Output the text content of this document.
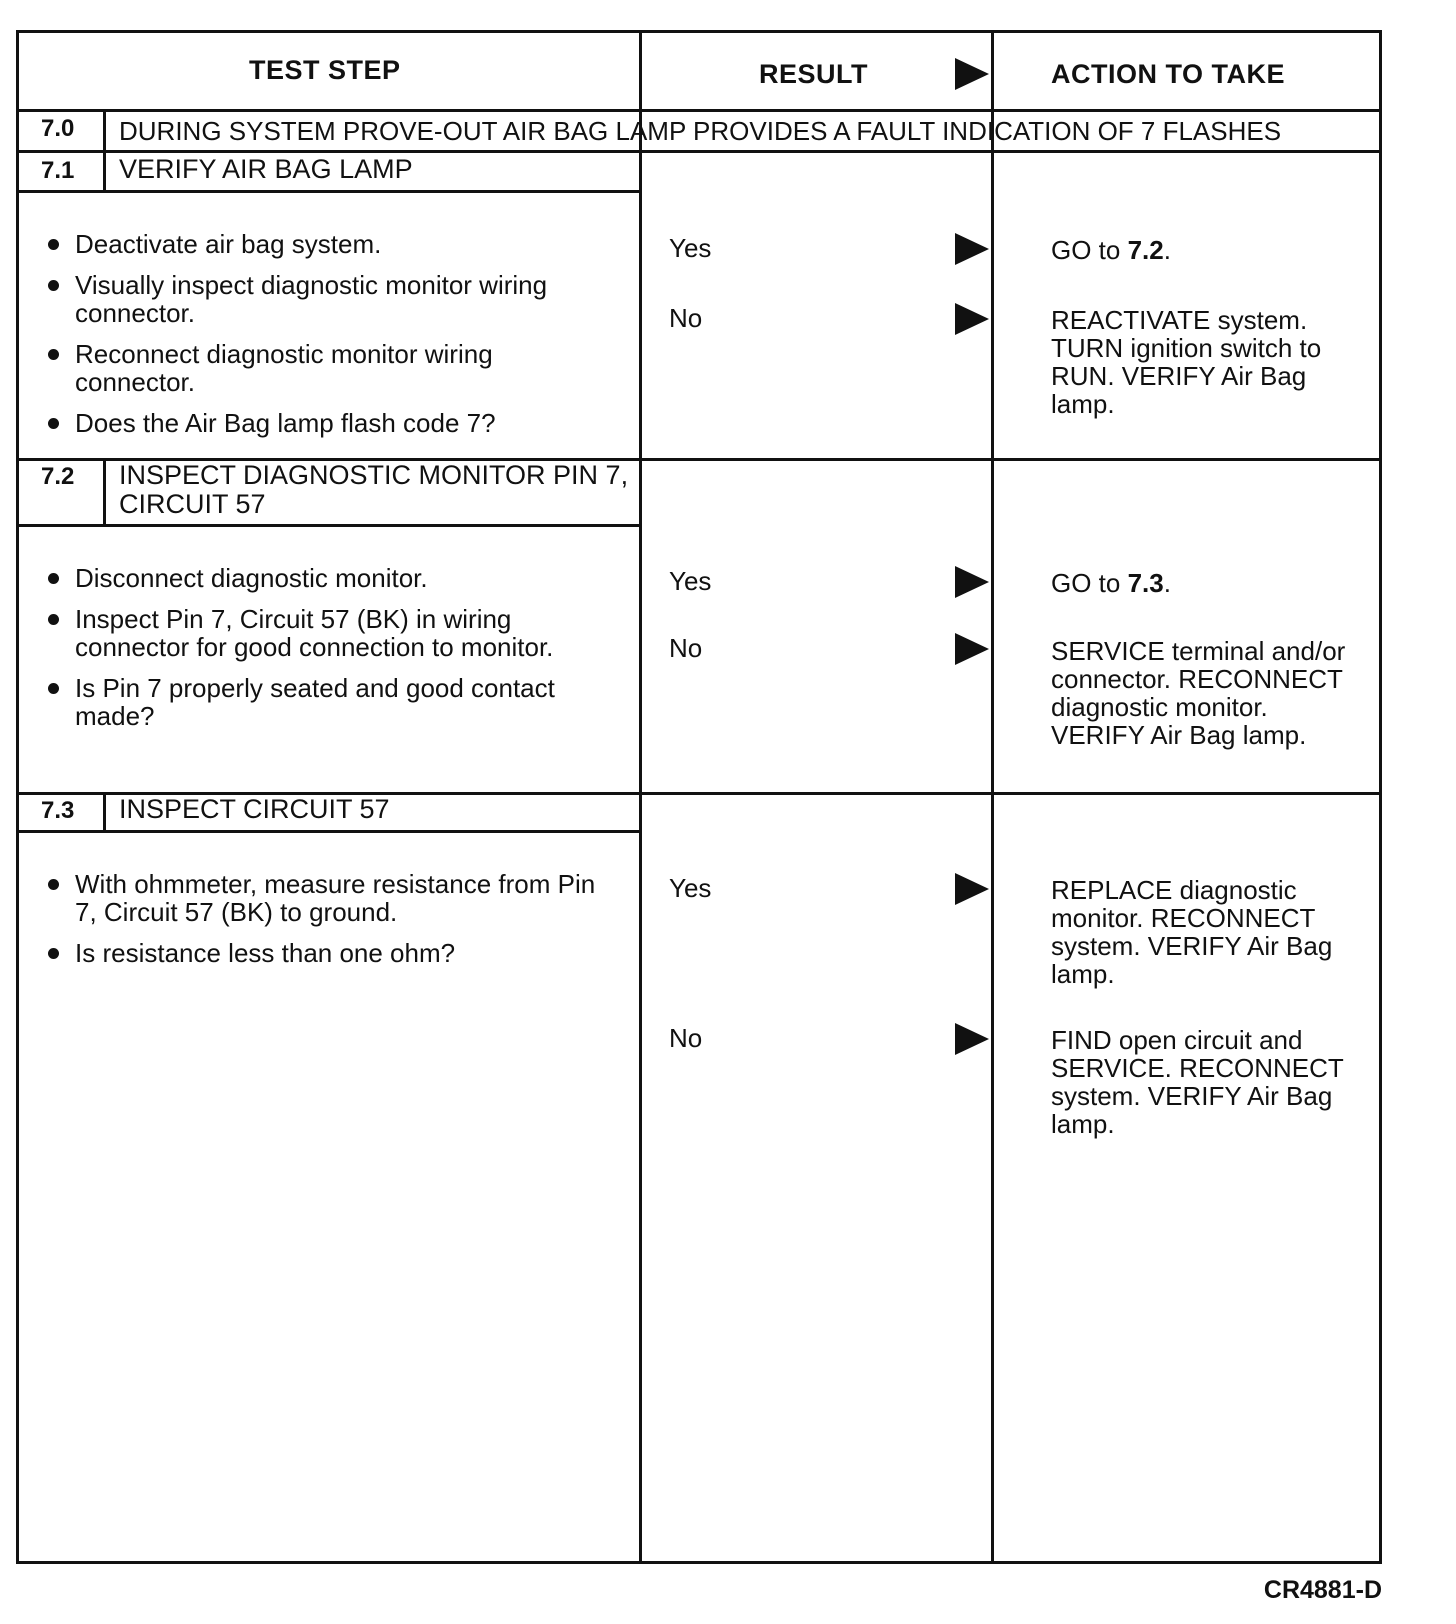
TEST STEP	RESULT	ACTION TO TAKE
7.0 DURING SYSTEM PROVE-OUT AIR BAG LAMP PROVIDES A FAULT INDICATION OF 7 FLASHES
7.1 VERIFY AIR BAG LAMP
Deactivate air bag system.
Visually inspect diagnostic monitor wiring connector.
Reconnect diagnostic monitor wiring connector.
Does the Air Bag lamp flash code 7?
Yes	GO to 7.2.
No	REACTIVATE system. TURN ignition switch to RUN. VERIFY Air Bag lamp.
7.2 INSPECT DIAGNOSTIC MONITOR PIN 7, CIRCUIT 57
Disconnect diagnostic monitor.
Inspect Pin 7, Circuit 57 (BK) in wiring connector for good connection to monitor.
Is Pin 7 properly seated and good contact made?
Yes	GO to 7.3.
No	SERVICE terminal and/or connector. RECONNECT diagnostic monitor. VERIFY Air Bag lamp.
7.3 INSPECT CIRCUIT 57
With ohmmeter, measure resistance from Pin 7, Circuit 57 (BK) to ground.
Is resistance less than one ohm?
Yes	REPLACE diagnostic monitor. RECONNECT system. VERIFY Air Bag lamp.
No	FIND open circuit and SERVICE. RECONNECT system. VERIFY Air Bag lamp.
CR4881-D
